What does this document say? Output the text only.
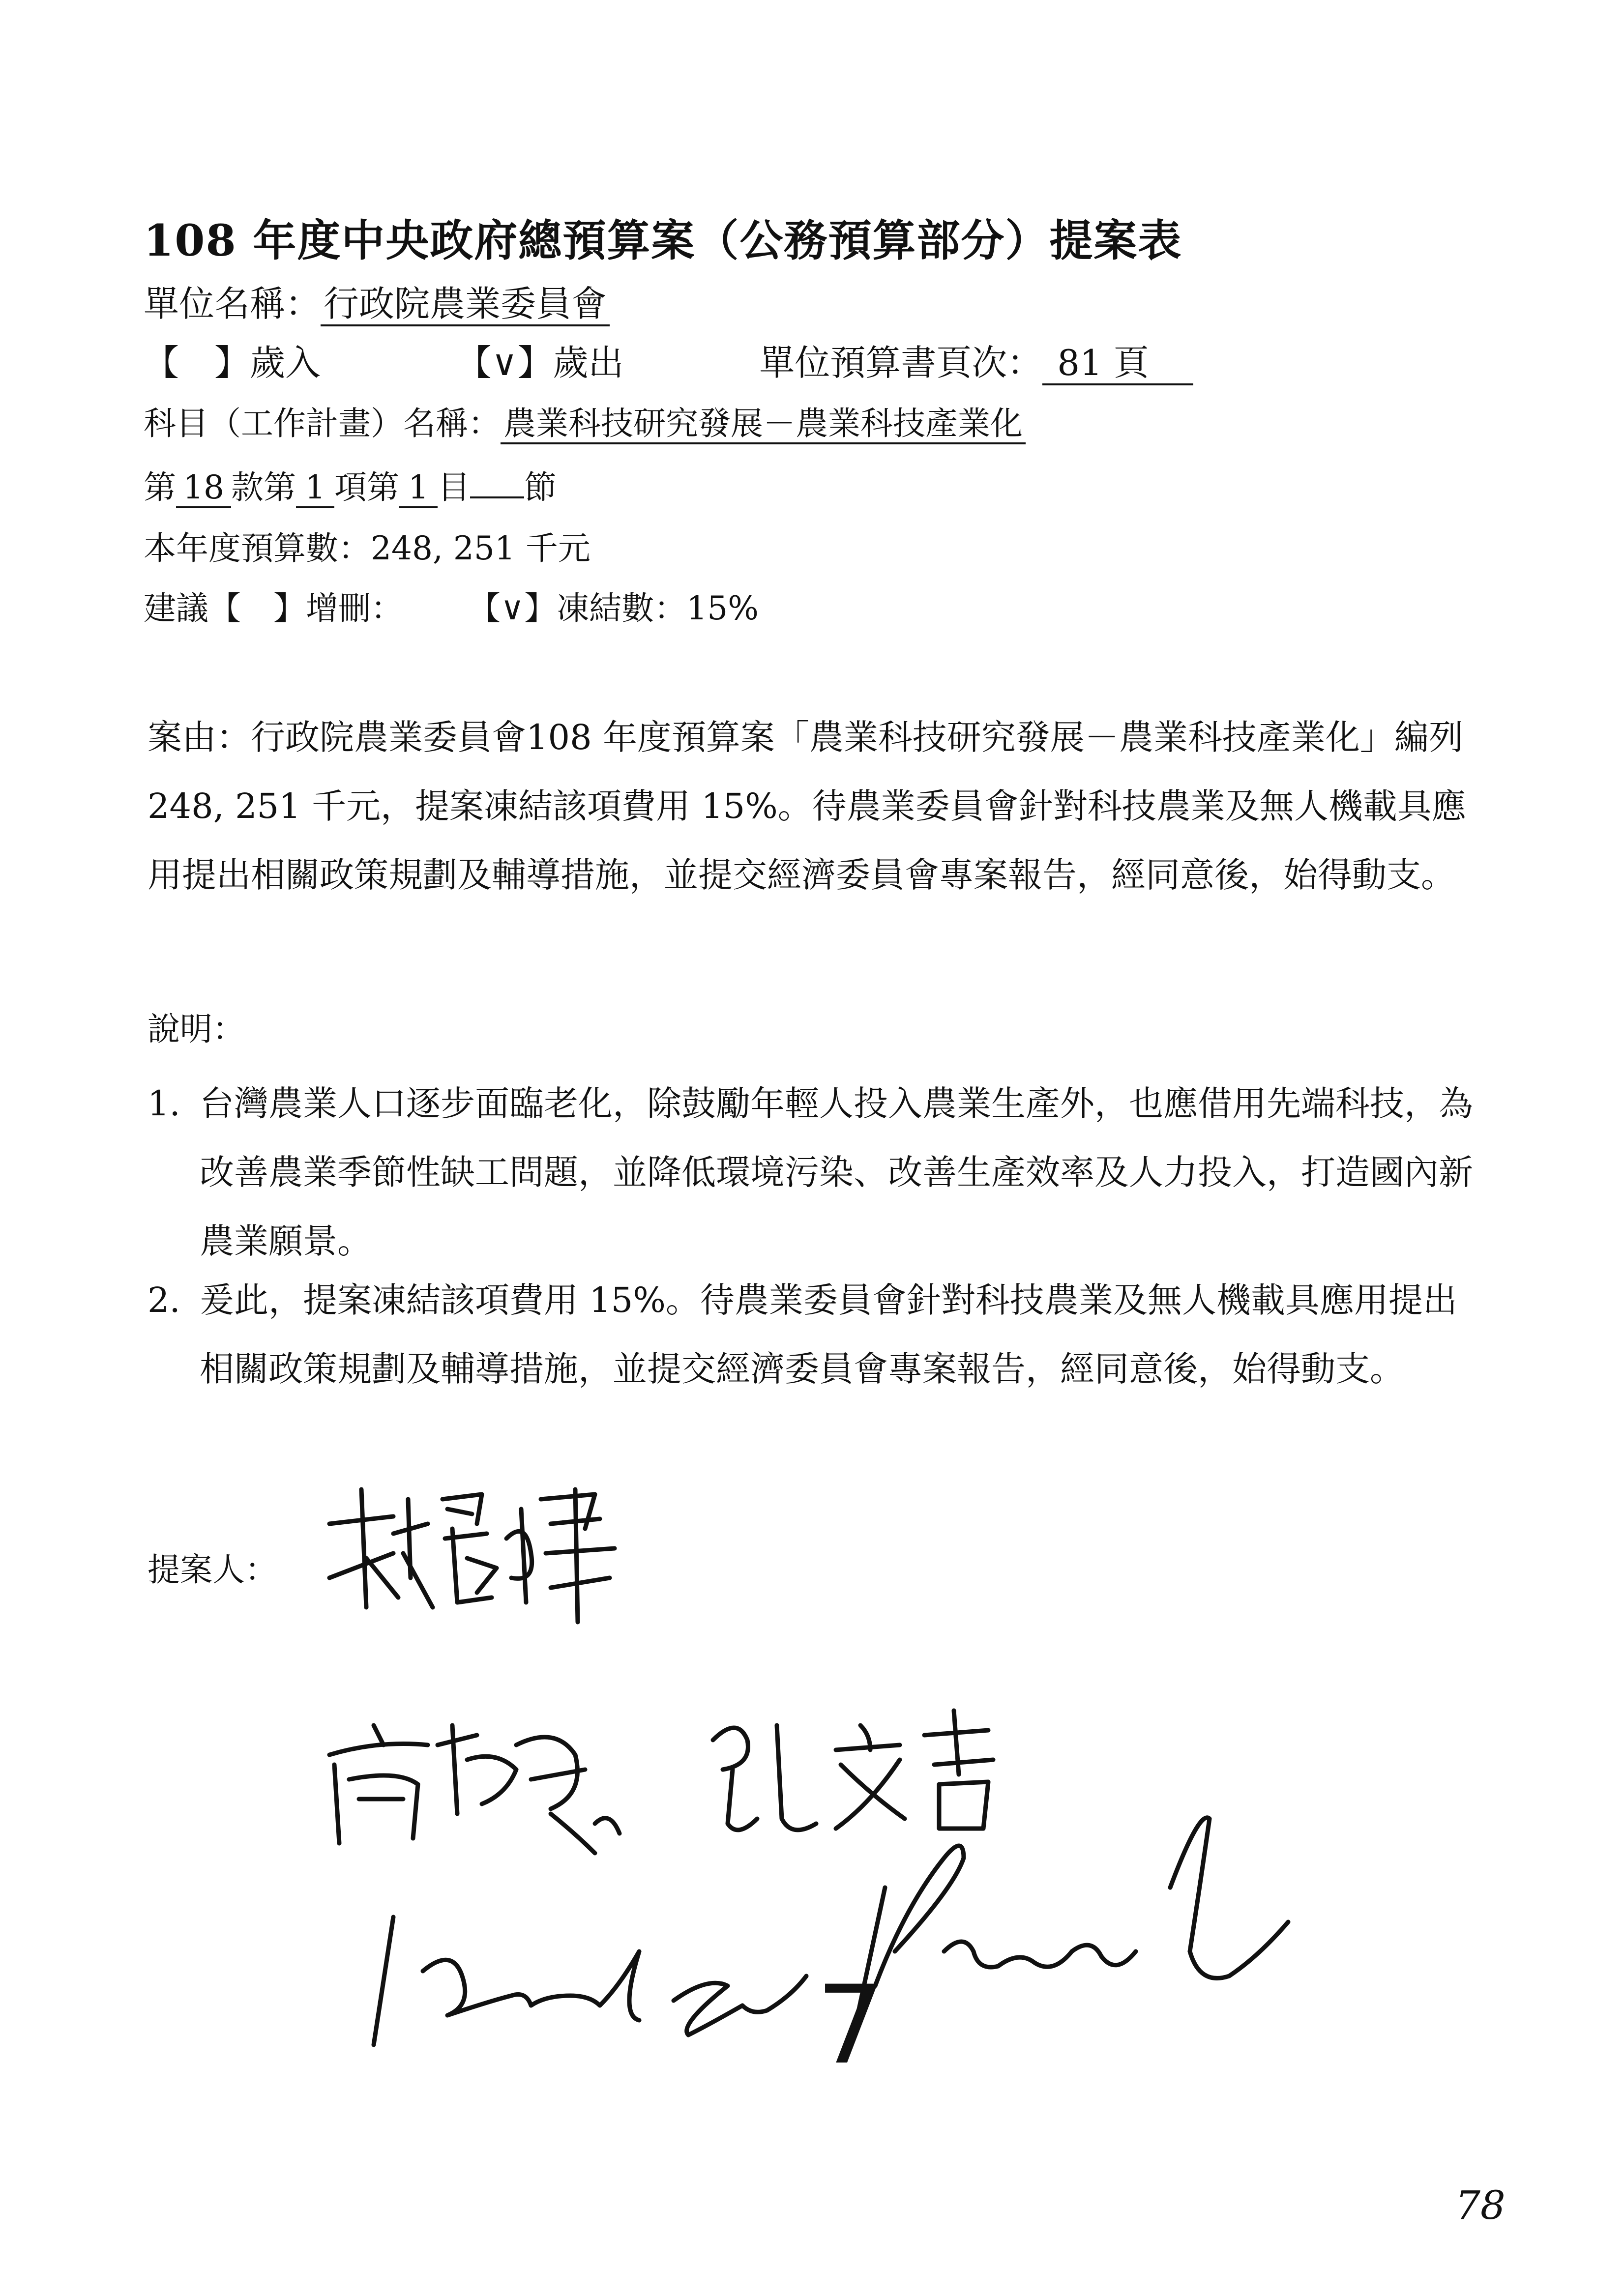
108 年度中央政府總預算案（公務預算部分）提案表
單位名稱：行政院農業委員會
【　】歲入	【∨】歲出	單位預算書頁次： 81 頁
科目（工作計畫）名稱：農業科技研究發展－農業科技產業化
第 18 款第 1 項第 1 目 節
本年度預算數：248, 251 千元
建議【　】增刪： 【∨】凍結數：15%
案由：行政院農業委員會108 年度預算案「農業科技研究發展－農業科技產業化」編列 248, 251 千元，提案凍結該項費用 15%。待農業委員會針對科技農業及無人機載具應用提出相關政策規劃及輔導措施，並提交經濟委員會專案報告，經同意後，始得動支。
說明：
1. 台灣農業人口逐步面臨老化，除鼓勵年輕人投入農業生產外，也應借用先端科技，為改善農業季節性缺工問題，並降低環境污染、改善生產效率及人力投入，打造國內新農業願景。
2. 爰此，提案凍結該項費用 15%。待農業委員會針對科技農業及無人機載具應用提出相關政策規劃及輔導措施，並提交經濟委員會專案報告，經同意後，始得動支。
提案人：
7
78
